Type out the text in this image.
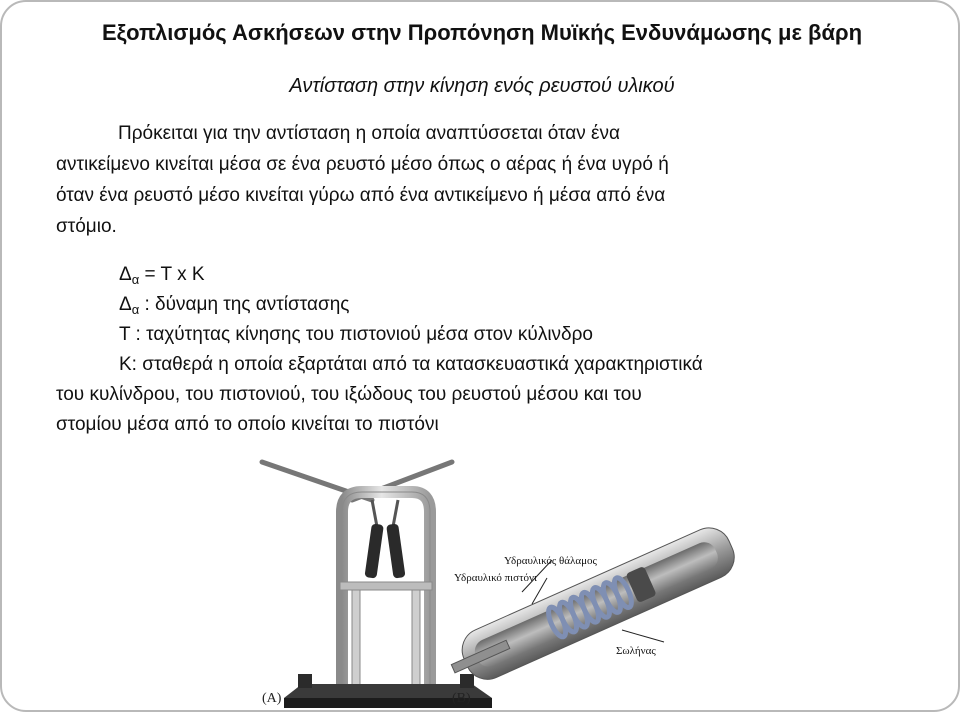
Εξοπλισμός Ασκήσεων στην Προπόνηση Μυϊκής Ενδυνάμωσης με βάρη
Αντίσταση στην κίνηση ενός ρευστού υλικού
Πρόκειται για την αντίσταση η οποία αναπτύσσεται όταν ένα
αντικείμενο κινείται μέσα σε ένα ρευστό μέσο όπως ο αέρας ή ένα υγρό ή
όταν ένα ρευστό μέσο κινείται γύρω από ένα αντικείμενο ή μέσα από ένα
στόμιο.
$\Delta_\alpha = T$ x Κ
$\Delta_\alpha$ : δύναμη της αντίστασης
Τ : ταχύτητας κίνησης του πιστονιού μέσα στον κύλινδρο
Κ: σταθερά η οποία εξαρτάται από τα κατασκευαστικά χαρακτηριστικά
του κυλίνδρου, του πιστονιού, του ιξώδους του ρευστού μέσου και του
στομίου μέσα από το οποίο κινείται το πιστόνι
(Α)
Υδραυλικός θάλαμος
Υδραυλικό πιστόνι
Σωλήνας
(Β)
